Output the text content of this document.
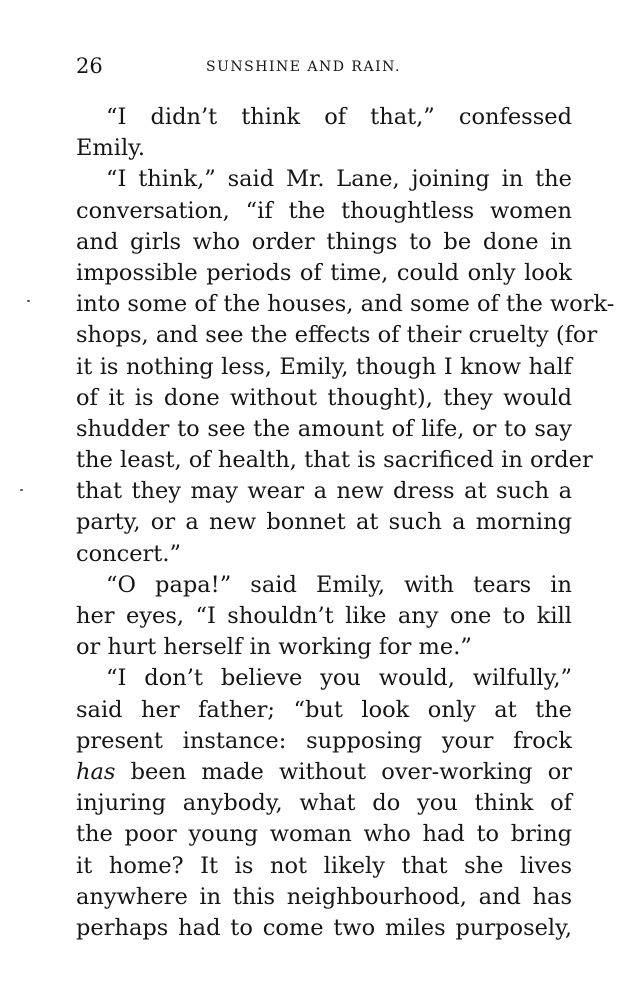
26	SUNSHINE AND RAIN.
“I didn’t think of that,” confessed
Emily.
“I think,” said Mr. Lane, joining in the
conversation, “if the thoughtless women
and girls who order things to be done in
impossible periods of time, could only look
into some of the houses, and some of the work-
shops, and see the effects of their cruelty (for
it is nothing less, Emily, though I know half
of it is done without thought), they would
shudder to see the amount of life, or to say
the least, of health, that is sacrificed in order
that they may wear a new dress at such a
party, or a new bonnet at such a morning
concert.”
“O papa!” said Emily, with tears in
her eyes, “I shouldn’t like any one to kill
or hurt herself in working for me.”
“I don’t believe you would, wilfully,”
said her father; “but look only at the
present instance: supposing your frock
has been made without over-working or
injuring anybody, what do you think of
the poor young woman who had to bring
it home? It is not likely that she lives
anywhere in this neighbourhood, and has
perhaps had to come two miles purposely,
